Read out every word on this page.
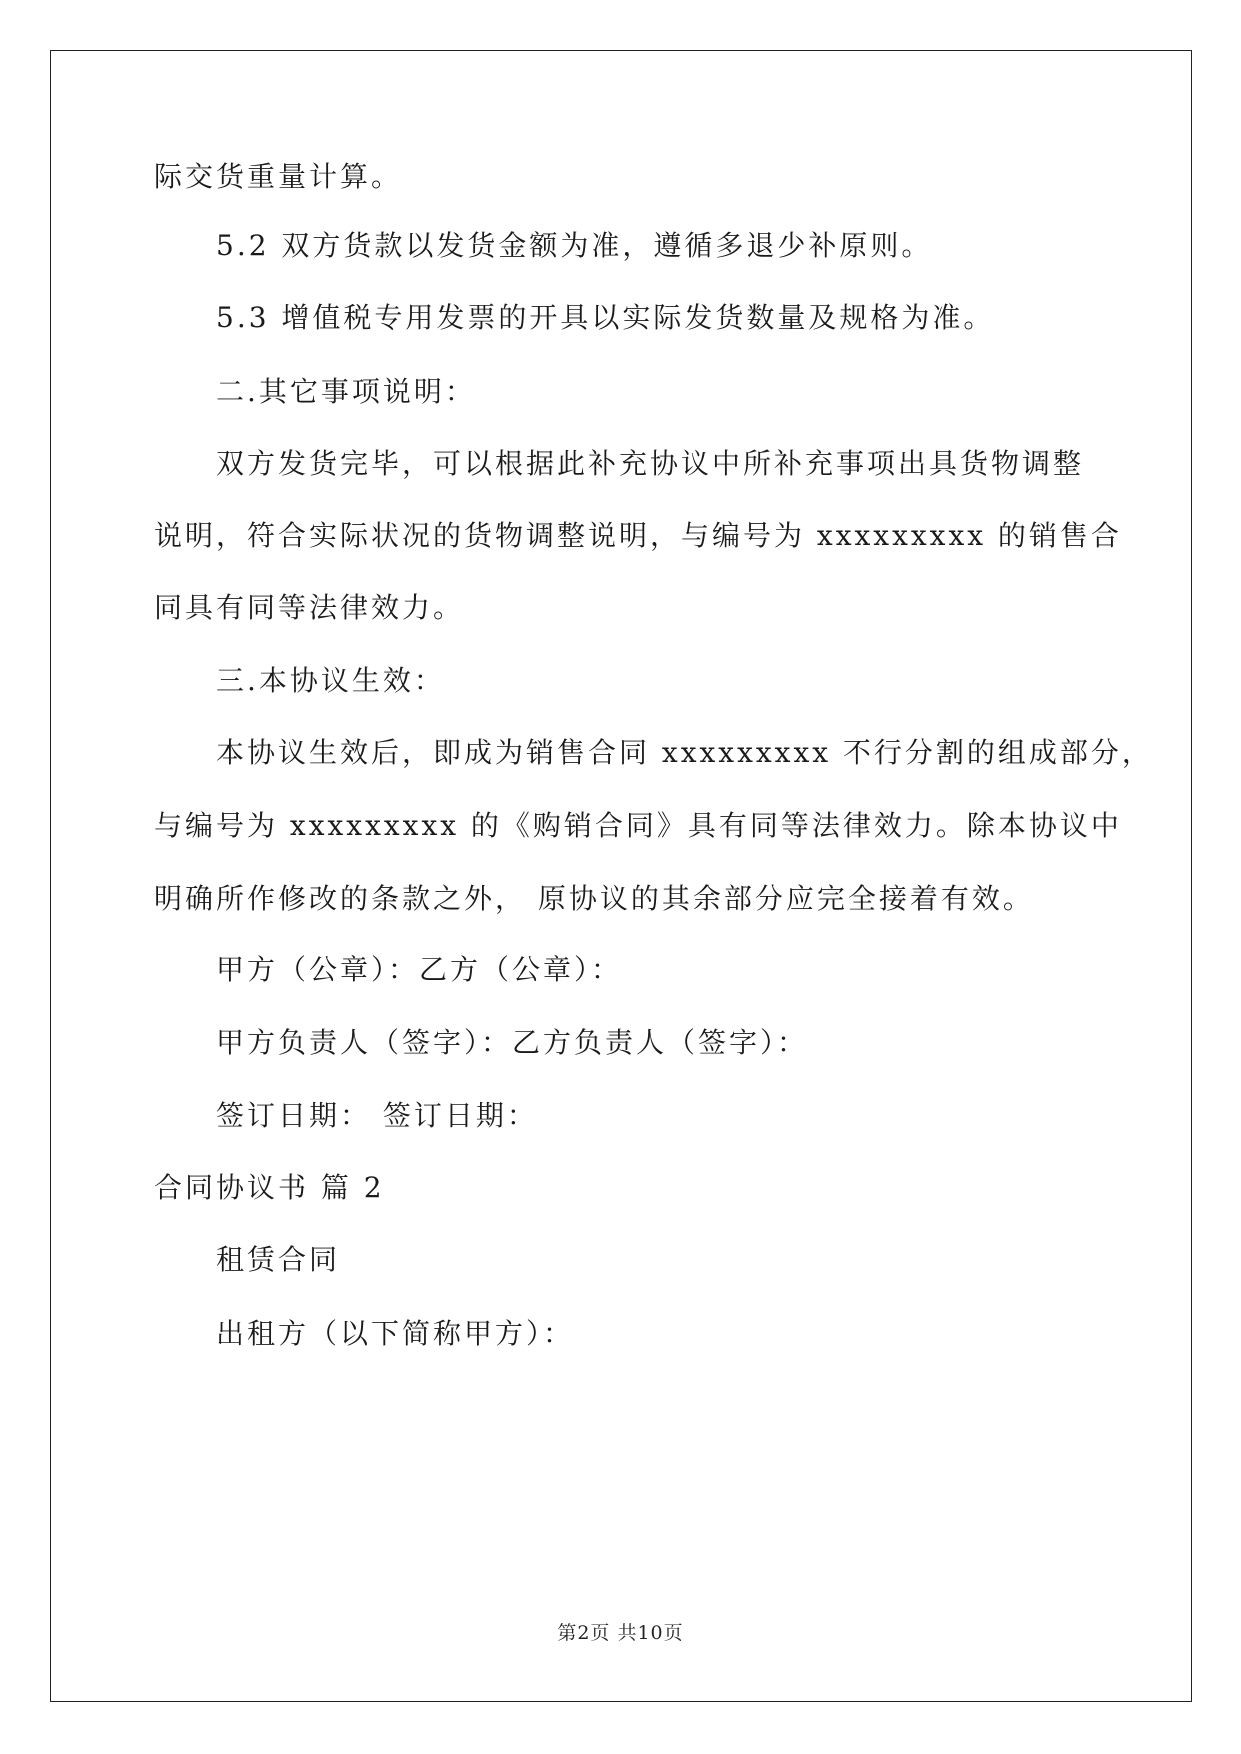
际交货重量计算。
5.2 双方货款以发货金额为准，遵循多退少补原则。
5.3 增值税专用发票的开具以实际发货数量及规格为准。
二.其它事项说明：
双方发货完毕，可以根据此补充协议中所补充事项出具货物调整
说明，符合实际状况的货物调整说明，与编号为 xxxxxxxxx 的销售合
同具有同等法律效力。
三.本协议生效：
本协议生效后，即成为销售合同 xxxxxxxxx 不行分割的组成部分，
与编号为 xxxxxxxxx 的《购销合同》具有同等法律效力。除本协议中
明确所作修改的条款之外， 原协议的其余部分应完全接着有效。
甲方（公章）：乙方（公章）：
甲方负责人（签字）：乙方负责人（签字）：
签订日期： 签订日期：
合同协议书 篇 2
租赁合同
出租方（以下简称甲方）：
第2页 共10页
